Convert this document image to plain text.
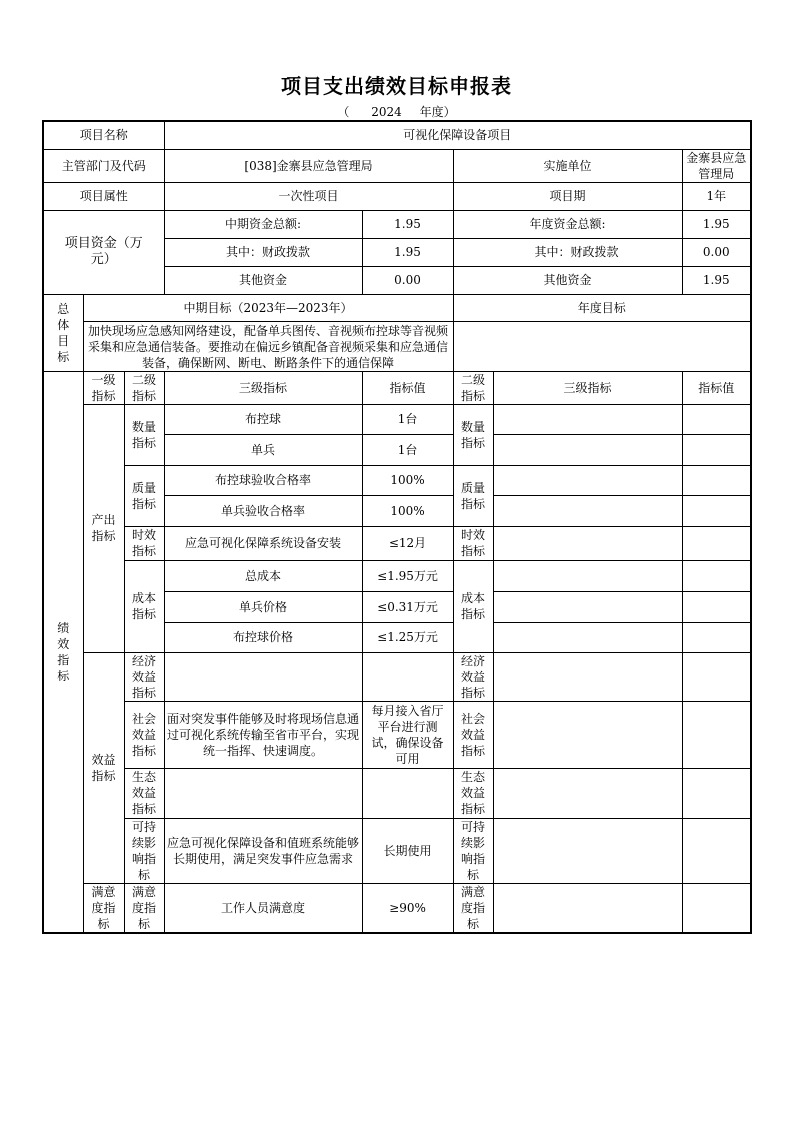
项目支出绩效目标申报表
（ 2024 年度）
项目名称			可视化保障设备项目				
主管部门及代码			[038]金寨县应急管理局		实施单位		金寨县应急管理局
项目属性			一次性项目		项目期		1年
项目资金（万元）			中期资金总额:	1.95	年度资金总额:		1.95
			其中：财政拨款	1.95	其中：财政拨款		0.00
			其他资金	0.00	其他资金		1.95
总体目标	中期目标（2023年—2023年）				年度目标		
	加快现场应急感知网络建设，配备单兵图传、音视频布控球等音视频采集和应急通信装备。要推动在偏远乡镇配备音视频采集和应急通信装备，确保断网、断电、断路条件下的通信保障						
绩效指标	一级指标	二级指标	三级指标	指标值	二级指标	三级指标	指标值
	产出指标	数量指标	布控球	1台	数量指标		
			单兵	1台			
		质量指标	布控球验收合格率	100%	质量指标		
			单兵验收合格率	100%			
		时效指标	应急可视化保障系统设备安装	≤12月	时效指标		
		成本指标	总成本	≤1.95万元	成本指标		
			单兵价格	≤0.31万元			
			布控球价格	≤1.25万元			
	效益指标	经济效益指标			经济效益指标		
		社会效益指标	面对突发事件能够及时将现场信息通过可视化系统传输至省市平台，实现统一指挥、快速调度。	每月接入省厅平台进行测试，确保设备可用	社会效益指标		
		生态效益指标			生态效益指标		
		可持续影响指标	应急可视化保障设备和值班系统能够长期使用，满足突发事件应急需求	长期使用	可持续影响指标		
	满意度指标	满意度指标	工作人员满意度	≥90%	满意度指标		
